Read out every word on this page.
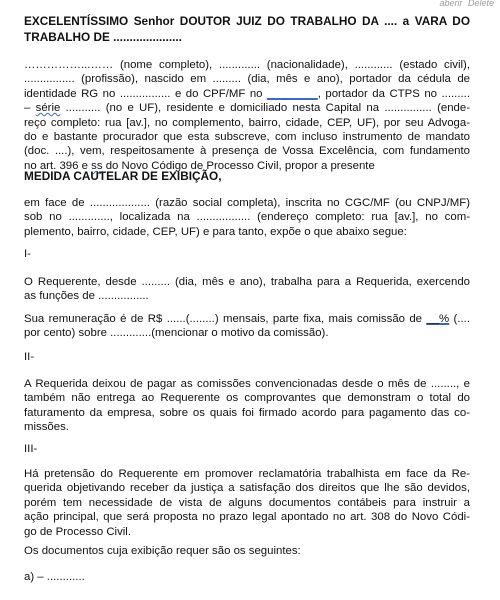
aberir Delete
EXCELENTÍSSIMO Senhor DOUTOR JUIZ DO TRABALHO DA .... a VARA DO
TRABALHO DE .....................
……………...…… (nome completo), ............. (nacionalidade), ............ (estado civil),
................ (profissão), nascido em ......... (dia, mês e ano), portador da cédula de
identidade RG no ................ e do CPF/MF no ________, portador da CTPS no .........
– série ........... (no e UF), residente e domiciliado nesta Capital na ............... (ende-
reço completo: rua [av.], no complemento, bairro, cidade, CEP, UF), por seu Advoga-
do e bastante procurador que esta subscreve, com incluso instrumento de mandato
(doc. ....), vem, respeitosamente à presença de Vossa Excelência, com fundamento
no art. 396 e ss do Novo Código de Processo Civil, propor a presente
MEDIDA CAUTELAR DE EXIBIÇÃO,
em face de ................... (razão social completa), inscrita no CGC/MF (ou CNPJ/MF)
sob no ............., localizada na ................. (endereço completo: rua [av.], no com-
plemento, bairro, cidade, CEP, UF) e para tanto, expõe o que abaixo segue:
I-
O Requerente, desde ......... (dia, mês e ano), trabalha para a Requerida, exercendo
as funções de ................
Sua remuneração é de R$ ......(........) mensais, parte fixa, mais comissão de __% (....
por cento) sobre .............(mencionar o motivo da comissão).
II-
A Requerida deixou de pagar as comissões convencionadas desde o mês de ........, e
também não entrega ao Requerente os comprovantes que demonstram o total do
faturamento da empresa, sobre os quais foi firmado acordo para pagamento das co-
missões.
III-
Há pretensão do Requerente em promover reclamatória trabalhista em face da Re-
querida objetivando receber da justiça a satisfação dos direitos que lhe são devidos,
porém tem necessidade de vista de alguns documentos contábeis para instruir a
ação principal, que será proposta no prazo legal apontado no art. 308 do Novo Códi-
go de Processo Civil.
Os documentos cuja exibição requer são os seguintes:
a) – ............
